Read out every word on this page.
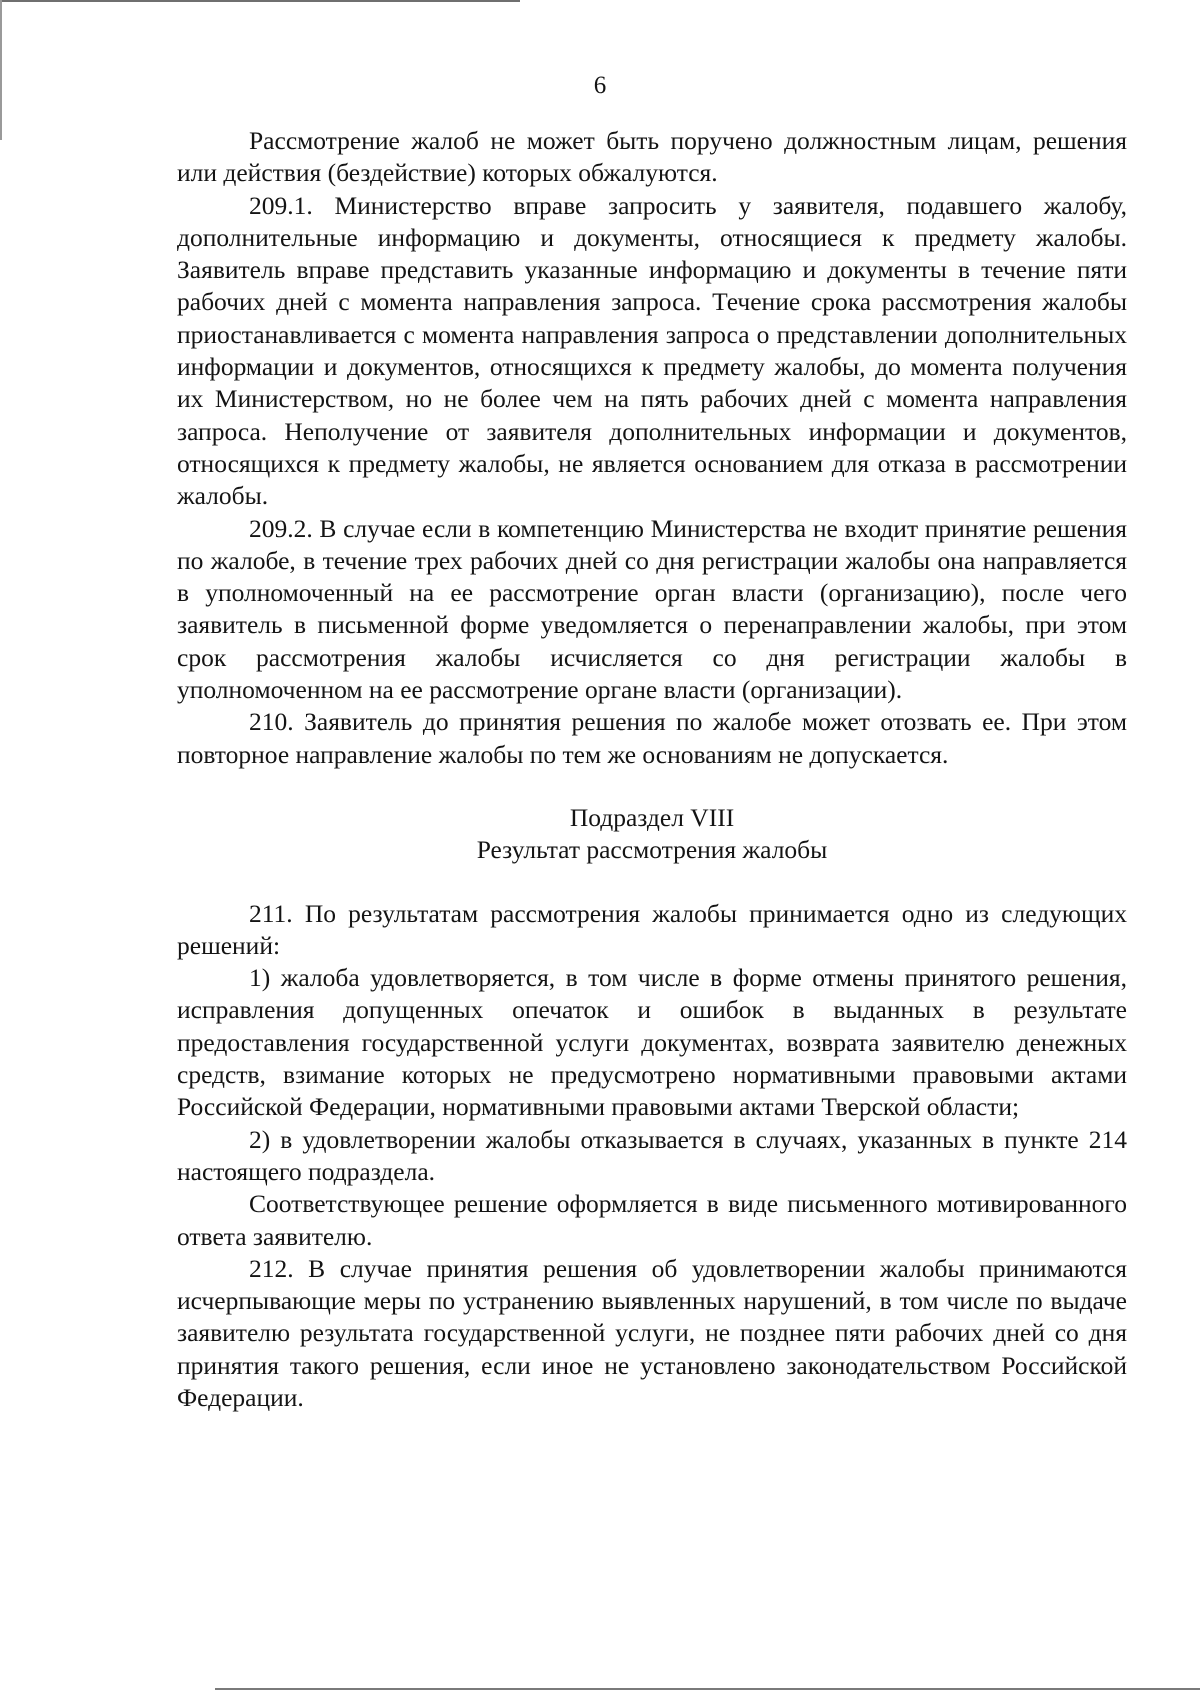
6

Рассмотрение жалоб не может быть поручено должностным лицам, решения или действия (бездействие) которых обжалуются.

209.1. Министерство вправе запросить у заявителя, подавшего жалобу, дополнительные информацию и документы, относящиеся к предмету жалобы. Заявитель вправе представить указанные информацию и документы в течение пяти рабочих дней с момента направления запроса. Течение срока рассмотрения жалобы приостанавливается с момента направления запроса о представлении дополнительных информации и документов, относящихся к предмету жалобы, до момента получения их Министерством, но не более чем на пять рабочих дней с момента направления запроса. Неполучение от заявителя дополнительных информации и документов, относящихся к предмету жалобы, не является основанием для отказа в рассмотрении жалобы.

209.2. В случае если в компетенцию Министерства не входит принятие решения по жалобе, в течение трех рабочих дней со дня регистрации жалобы она направляется в уполномоченный на ее рассмотрение орган власти (организацию), после чего заявитель в письменной форме уведомляется о перенаправлении жалобы, при этом срок рассмотрения жалобы исчисляется со дня регистрации жалобы в уполномоченном на ее рассмотрение органе власти (организации).

210. Заявитель до принятия решения по жалобе может отозвать ее. При этом повторное направление жалобы по тем же основаниям не допускается.

Подраздел VIII

Результат рассмотрения жалобы

211. По результатам рассмотрения жалобы принимается одно из следующих решений:

1) жалоба удовлетворяется, в том числе в форме отмены принятого решения, исправления допущенных опечаток и ошибок в выданных в результате предоставления государственной услуги документах, возврата заявителю денежных средств, взимание которых не предусмотрено нормативными правовыми актами Российской Федерации, нормативными правовыми актами Тверской области;

2) в удовлетворении жалобы отказывается в случаях, указанных в пункте 214 настоящего подраздела.

Соответствующее решение оформляется в виде письменного мотивированного ответа заявителю.

212. В случае принятия решения об удовлетворении жалобы принимаются исчерпывающие меры по устранению выявленных нарушений, в том числе по выдаче заявителю результата государственной услуги, не позднее пяти рабочих дней со дня принятия такого решения, если иное не установлено законодательством Российской Федерации.
